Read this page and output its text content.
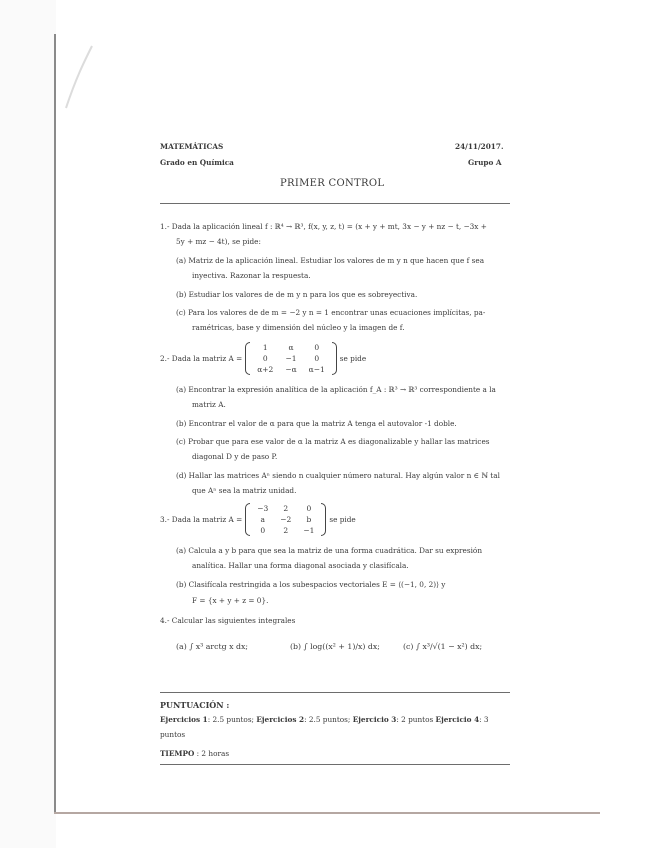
MATEMÁTICAS
Grado en Química
24/11/2017.
Grupo A
PRIMER CONTROL
1.- Dada la aplicación lineal f : ℝ⁴ → ℝ³, f(x, y, z, t) = (x + y + mt, 3x − y + nz − t, −3x +
5y + mz − 4t), se pide:
(a) Matriz de la aplicación lineal. Estudiar los valores de m y n que hacen que f sea
inyectiva. Razonar la respuesta.
(b) Estudiar los valores de de m y n para los que es sobreyectiva.
(c) Para los valores de de m = −2 y n = 1 encontrar unas ecuaciones implícitas, pa-
ramétricas, base y dimensión del núcleo y la imagen de f.
2.- Dada la matriz A =
1	α	0
0	−1	0
α+2	−α	α−1
se pide
(a) Encontrar la expresión analítica de la aplicación f_A : ℝ³ → ℝ³ correspondiente a la
matriz A.
(b) Encontrar el valor de α para que la matriz A tenga el autovalor -1 doble.
(c) Probar que para ese valor de α la matriz A es diagonalizable y hallar las matrices
diagonal D y de paso P.
(d) Hallar las matrices Aⁿ siendo n cualquier número natural. Hay algún valor n ∈ ℕ tal
que Aⁿ sea la matriz unidad.
3.- Dada la matriz A =
−3	2	0
a	−2	b
0	2	−1
se pide
(a) Calcula a y b para que sea la matriz de una forma cuadrática. Dar su expresión
analítica. Hallar una forma diagonal asociada y clasifícala.
(b) Clasifícala restringida a los subespacios vectoriales E = ⟨(−1, 0, 2)⟩ y
F = {x + y + z = 0}.
4.- Calcular las siguientes integrales
(a) ∫ x³ arctg x dx;	(b) ∫ log((x² + 1)/x) dx;	(c) ∫ x³/√(1 − x²) dx;
PUNTUACIÓN :
Ejercicios 1: 2.5 puntos; Ejercicios 2: 2.5 puntos; Ejercicio 3: 2 puntos Ejercicio 4: 3
puntos
TIEMPO : 2 horas
